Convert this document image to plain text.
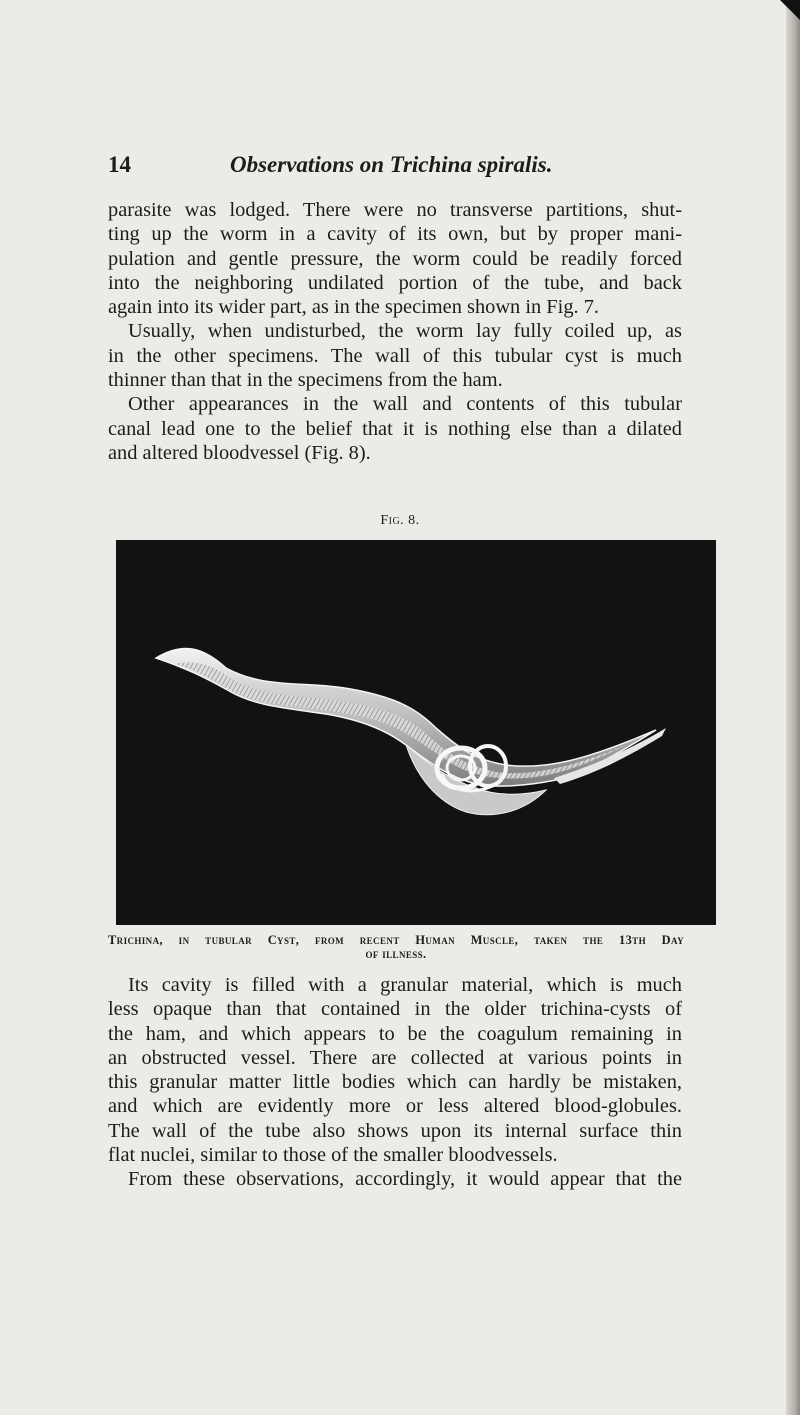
14	Observations on Trichina spiralis.

parasite was lodged. There were no transverse partitions, shut-
ting up the worm in a cavity of its own, but by proper mani-
pulation and gentle pressure, the worm could be readily forced
into the neighboring undilated portion of the tube, and back
again into its wider part, as in the specimen shown in Fig. 7.
Usually, when undisturbed, the worm lay fully coiled up, as
in the other specimens. The wall of this tubular cyst is much
thinner than that in the specimens from the ham.
Other appearances in the wall and contents of this tubular
canal lead one to the belief that it is nothing else than a dilated
and altered bloodvessel (Fig. 8).

Fig. 8.
Trichina, in tubular Cyst, from recent Human Muscle, taken the 13th Day
of illness.

Its cavity is filled with a granular material, which is much
less opaque than that contained in the older trichina-cysts of
the ham, and which appears to be the coagulum remaining in
an obstructed vessel. There are collected at various points in
this granular matter little bodies which can hardly be mistaken,
and which are evidently more or less altered blood-globules.
The wall of the tube also shows upon its internal surface thin
flat nuclei, similar to those of the smaller bloodvessels.
From these observations, accordingly, it would appear that the
